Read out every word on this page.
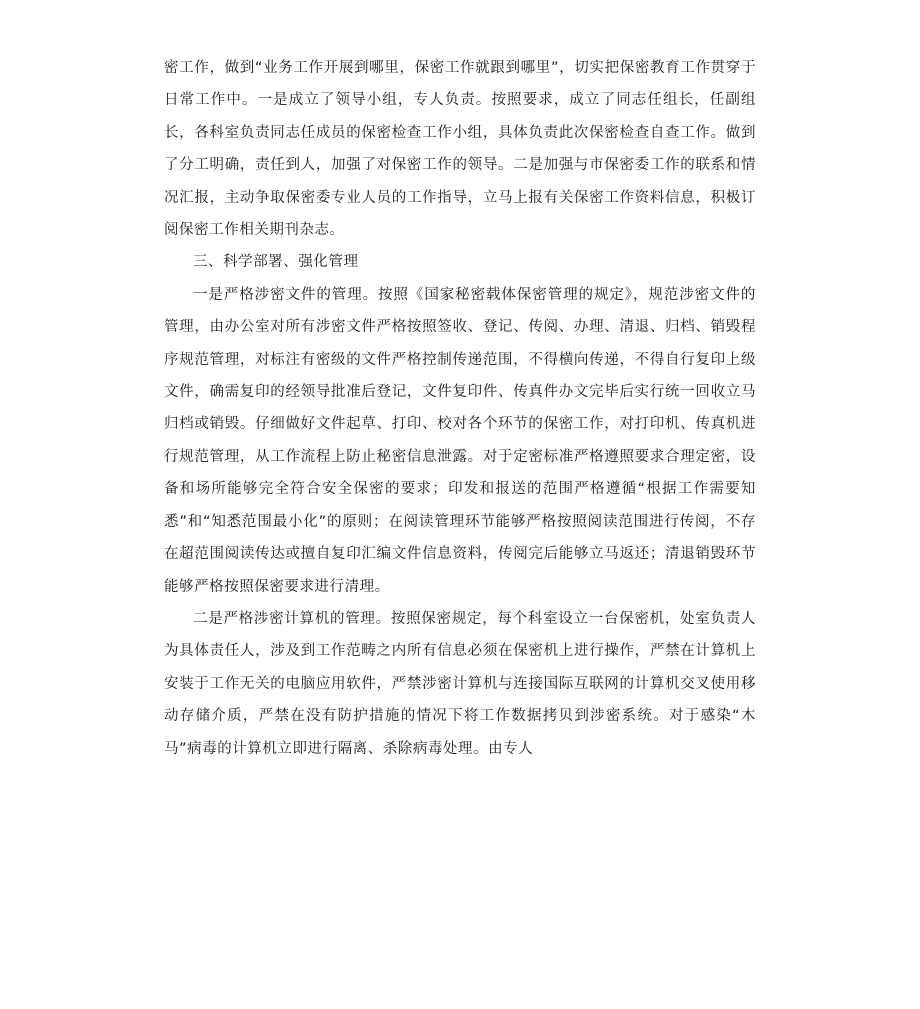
密工作，做到“业务工作开展到哪里，保密工作就跟到哪里”，切实把保密教育工作贯穿于日常工作中。一是成立了领导小组，专人负责。按照要求，成立了同志任组长，任副组长，各科室负责同志任成员的保密检查工作小组，具体负责此次保密检查自查工作。做到了分工明确，责任到人，加强了对保密工作的领导。二是加强与市保密委工作的联系和情况汇报，主动争取保密委专业人员的工作指导，立马上报有关保密工作资料信息，积极订阅保密工作相关期刊杂志。

三、科学部署、强化管理

一是严格涉密文件的管理。按照《国家秘密载体保密管理的规定》，规范涉密文件的管理，由办公室对所有涉密文件严格按照签收、登记、传阅、办理、清退、归档、销毁程序规范管理，对标注有密级的文件严格控制传递范围，不得横向传递，不得自行复印上级文件，确需复印的经领导批准后登记，文件复印件、传真件办文完毕后实行统一回收立马归档或销毁。仔细做好文件起草、打印、校对各个环节的保密工作，对打印机、传真机进行规范管理，从工作流程上防止秘密信息泄露。对于定密标准严格遵照要求合理定密，设备和场所能够完全符合安全保密的要求；印发和报送的范围严格遵循“根据工作需要知悉”和“知悉范围最小化”的原则；在阅读管理环节能够严格按照阅读范围进行传阅，不存在超范围阅读传达或擅自复印汇编文件信息资料，传阅完后能够立马返还；清退销毁环节能够严格按照保密要求进行清理。

二是严格涉密计算机的管理。按照保密规定，每个科室设立一台保密机，处室负责人为具体责任人，涉及到工作范畴之内所有信息必须在保密机上进行操作，严禁在计算机上安装于工作无关的电脑应用软件，严禁涉密计算机与连接国际互联网的计算机交叉使用移动存储介质，严禁在没有防护措施的情况下将工作数据拷贝到涉密系统。对于感染“木马”病毒的计算机立即进行隔离、杀除病毒处理。由专人
